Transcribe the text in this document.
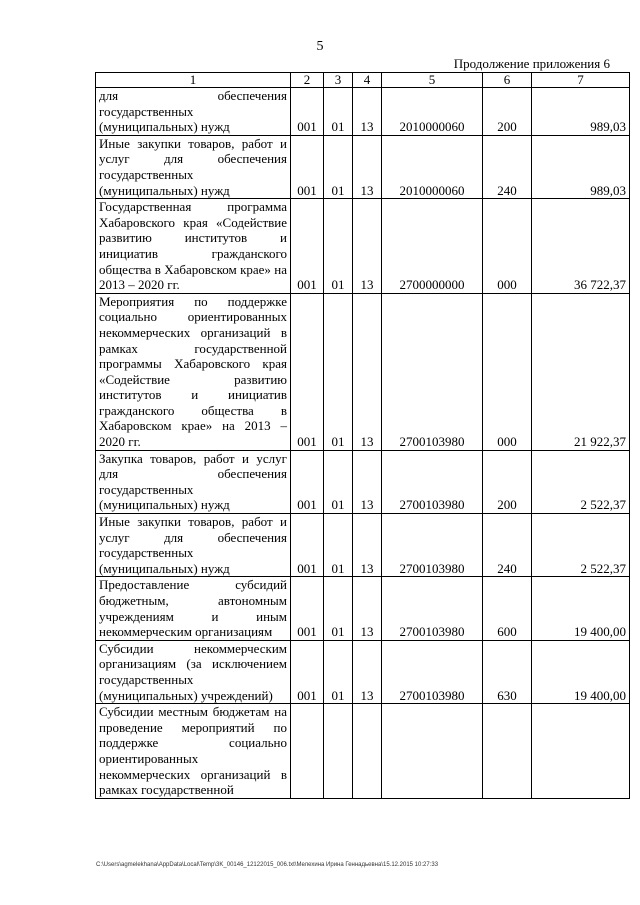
5
Продолжение приложения 6
1	2	3	4	5	6	7
для обеспечения государственных (муниципальных) нужд	001	01	13	2010000060	200	989,03
Иные закупки товаров, работ и услуг для обеспечения государственных (муниципальных) нужд	001	01	13	2010000060	240	989,03
Государственная программа Хабаровского края «Содействие развитию институтов и инициатив гражданского общества в Хабаровском крае» на 2013 – 2020 гг.	001	01	13	2700000000	000	36 722,37
Мероприятия по поддержке социально ориентированных некоммерческих организаций в рамках государственной программы Хабаровского края «Содействие развитию институтов и инициатив гражданского общества в Хабаровском крае» на 2013 – 2020 гг.	001	01	13	2700103980	000	21 922,37
Закупка товаров, работ и услуг для обеспечения государственных (муниципальных) нужд	001	01	13	2700103980	200	2 522,37
Иные закупки товаров, работ и услуг для обеспечения государственных (муниципальных) нужд	001	01	13	2700103980	240	2 522,37
Предоставление субсидий бюджетным, автономным учреждениям и иным некоммерческим организациям	001	01	13	2700103980	600	19 400,00
Субсидии некоммерческим организациям (за исключением государственных (муниципальных) учреждений)	001	01	13	2700103980	630	19 400,00
Субсидии местным бюджетам на проведение мероприятий по поддержке социально ориентированных некоммерческих организаций в рамках государственной						
C:\Users\agmelekhana\AppData\Local\Temp\3K_00146_12122015_006.txt\Мелехина Ирина Геннадьевна\15.12.2015 10:27:33
